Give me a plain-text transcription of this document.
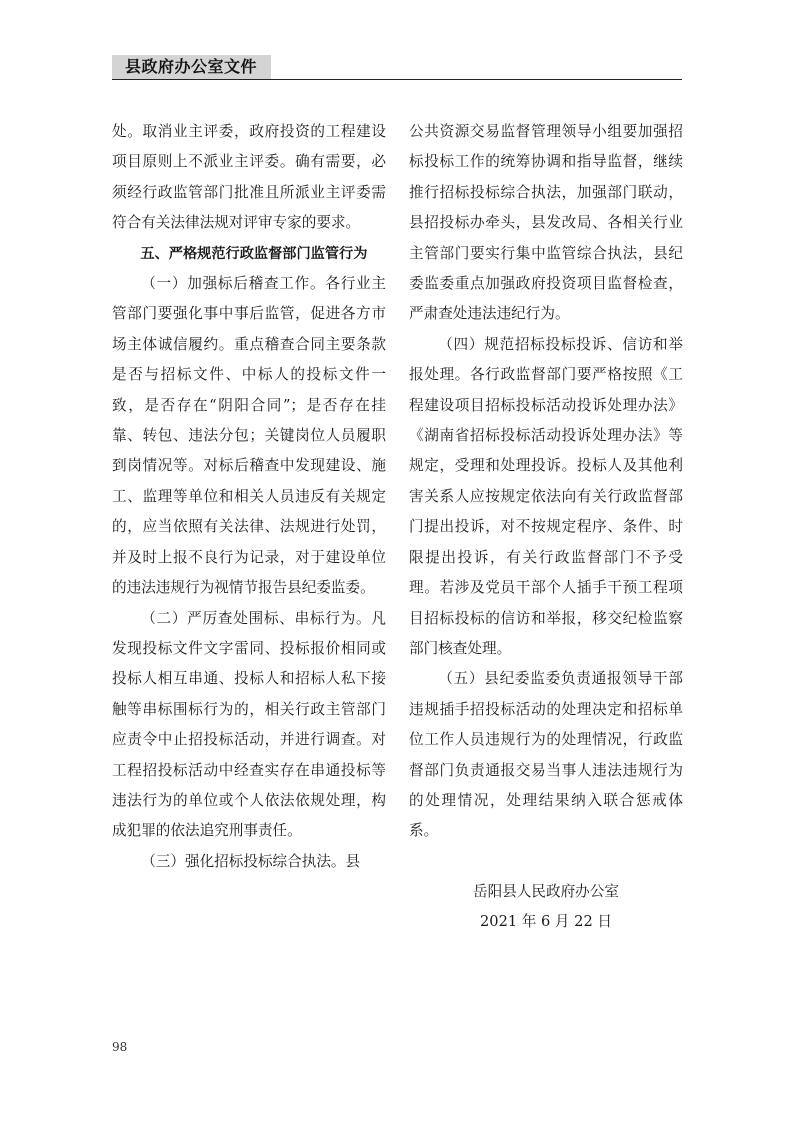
县政府办公室文件

处。取消业主评委，政府投资的工程建设项目原则上不派业主评委。确有需要，必须经行政监管部门批准且所派业主评委需符合有关法律法规对评审专家的要求。

五、严格规范行政监督部门监管行为

（一）加强标后稽查工作。各行业主管部门要强化事中事后监管，促进各方市场主体诚信履约。重点稽查合同主要条款是否与招标文件、中标人的投标文件一致，是否存在“阴阳合同”；是否存在挂靠、转包、违法分包；关键岗位人员履职到岗情况等。对标后稽查中发现建设、施工、监理等单位和相关人员违反有关规定的，应当依照有关法律、法规进行处罚，并及时上报不良行为记录，对于建设单位的违法违规行为视情节报告县纪委监委。

（二）严厉查处围标、串标行为。凡发现投标文件文字雷同、投标报价相同或投标人相互串通、投标人和招标人私下接触等串标围标行为的，相关行政主管部门应责令中止招投标活动，并进行调查。对工程招投标活动中经查实存在串通投标等违法行为的单位或个人依法依规处理，构成犯罪的依法追究刑事责任。

（三）强化招标投标综合执法。县

公共资源交易监督管理领导小组要加强招标投标工作的统筹协调和指导监督，继续推行招标投标综合执法，加强部门联动，县招投标办牵头，县发改局、各相关行业主管部门要实行集中监管综合执法，县纪委监委重点加强政府投资项目监督检查，严肃查处违法违纪行为。

（四）规范招标投标投诉、信访和举报处理。各行政监督部门要严格按照《工程建设项目招标投标活动投诉处理办法》《湖南省招标投标活动投诉处理办法》等规定，受理和处理投诉。投标人及其他利害关系人应按规定依法向有关行政监督部门提出投诉，对不按规定程序、条件、时限提出投诉，有关行政监督部门不予受理。若涉及党员干部个人插手干预工程项目招标投标的信访和举报，移交纪检监察部门核查处理。

（五）县纪委监委负责通报领导干部违规插手招投标活动的处理决定和招标单位工作人员违规行为的处理情况，行政监督部门负责通报交易当事人违法违规行为的处理情况，处理结果纳入联合惩戒体系。

岳阳县人民政府办公室
2021 年 6 月 22 日
98
